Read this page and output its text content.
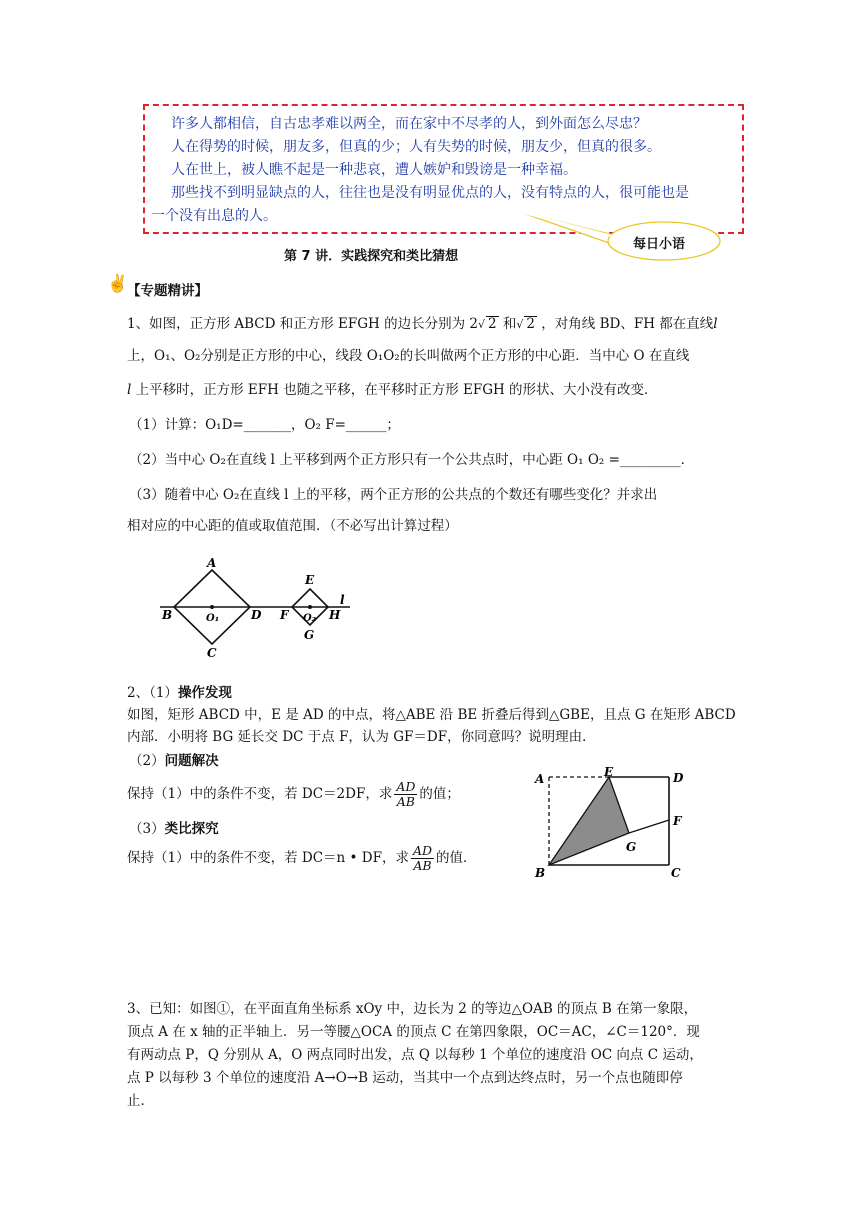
许多人都相信，自古忠孝难以两全，而在家中不尽孝的人，到外面怎么尽忠？
人在得势的时候，朋友多，但真的少；人有失势的时候，朋友少，但真的很多。
人在世上，被人瞧不起是一种悲哀，遭人嫉妒和毁谤是一种幸福。
那些找不到明显缺点的人，往往也是没有明显优点的人，没有特点的人，很可能也是
一个没有出息的人。
每日小语
第 7 讲．实践探究和类比猜想
✌
【专题精讲】
1、如图，正方形 ABCD 和正方形 EFGH 的边长分别为 2√ 2 和√ 2 ，对角线 BD、FH 都在直线l
上，O₁、O₂分别是正方形的中心，线段 O₁O₂的长叫做两个正方形的中心距．当中心 O 在直线
l 上平移时，正方形 EFH 也随之平移，在平移时正方形 EFGH 的形状、大小没有改变．
（1）计算：O₁D=_______，O₂ F=______；
（2）当中心 O₂在直线 l 上平移到两个正方形只有一个公共点时，中心距 O₁ O₂ =_________．
（3）随着中心 O₂在直线 l 上的平移，两个正方形的公共点的个数还有哪些变化？并求出
相对应的中心距的值或取值范围．（不必写出计算过程）
A
B	O₁	D
C
E
F O₂ H
G
l
2、（1）操作发现
如图，矩形 ABCD 中，E 是 AD 的中点，将△ABE 沿 BE 折叠后得到△GBE，且点 G 在矩形 ABCD
内部．小明将 BG 延长交 DC 于点 F，认为 GF＝DF，你同意吗？说明理由．
（2）问题解决
保持（1）中的条件不变，若 DC＝2DF，求 $\frac{AD}{AB}$ 的值；
（3）类比探究
保持（1）中的条件不变，若 DC＝n • DF，求 $\frac{AD}{AB}$ 的值．
A	E	D
F
G
B	C
3、已知：如图①，在平面直角坐标系 xOy 中，边长为 2 的等边△OAB 的顶点 B 在第一象限，
顶点 A 在 x 轴的正半轴上．另一等腰△OCA 的顶点 C 在第四象限，OC＝AC，∠C＝120°．现
有两动点 P，Q 分别从 A，O 两点同时出发，点 Q 以每秒 1 个单位的速度沿 OC 向点 C 运动，
点 P 以每秒 3 个单位的速度沿 A→O→B 运动，当其中一个点到达终点时，另一个点也随即停
止．
